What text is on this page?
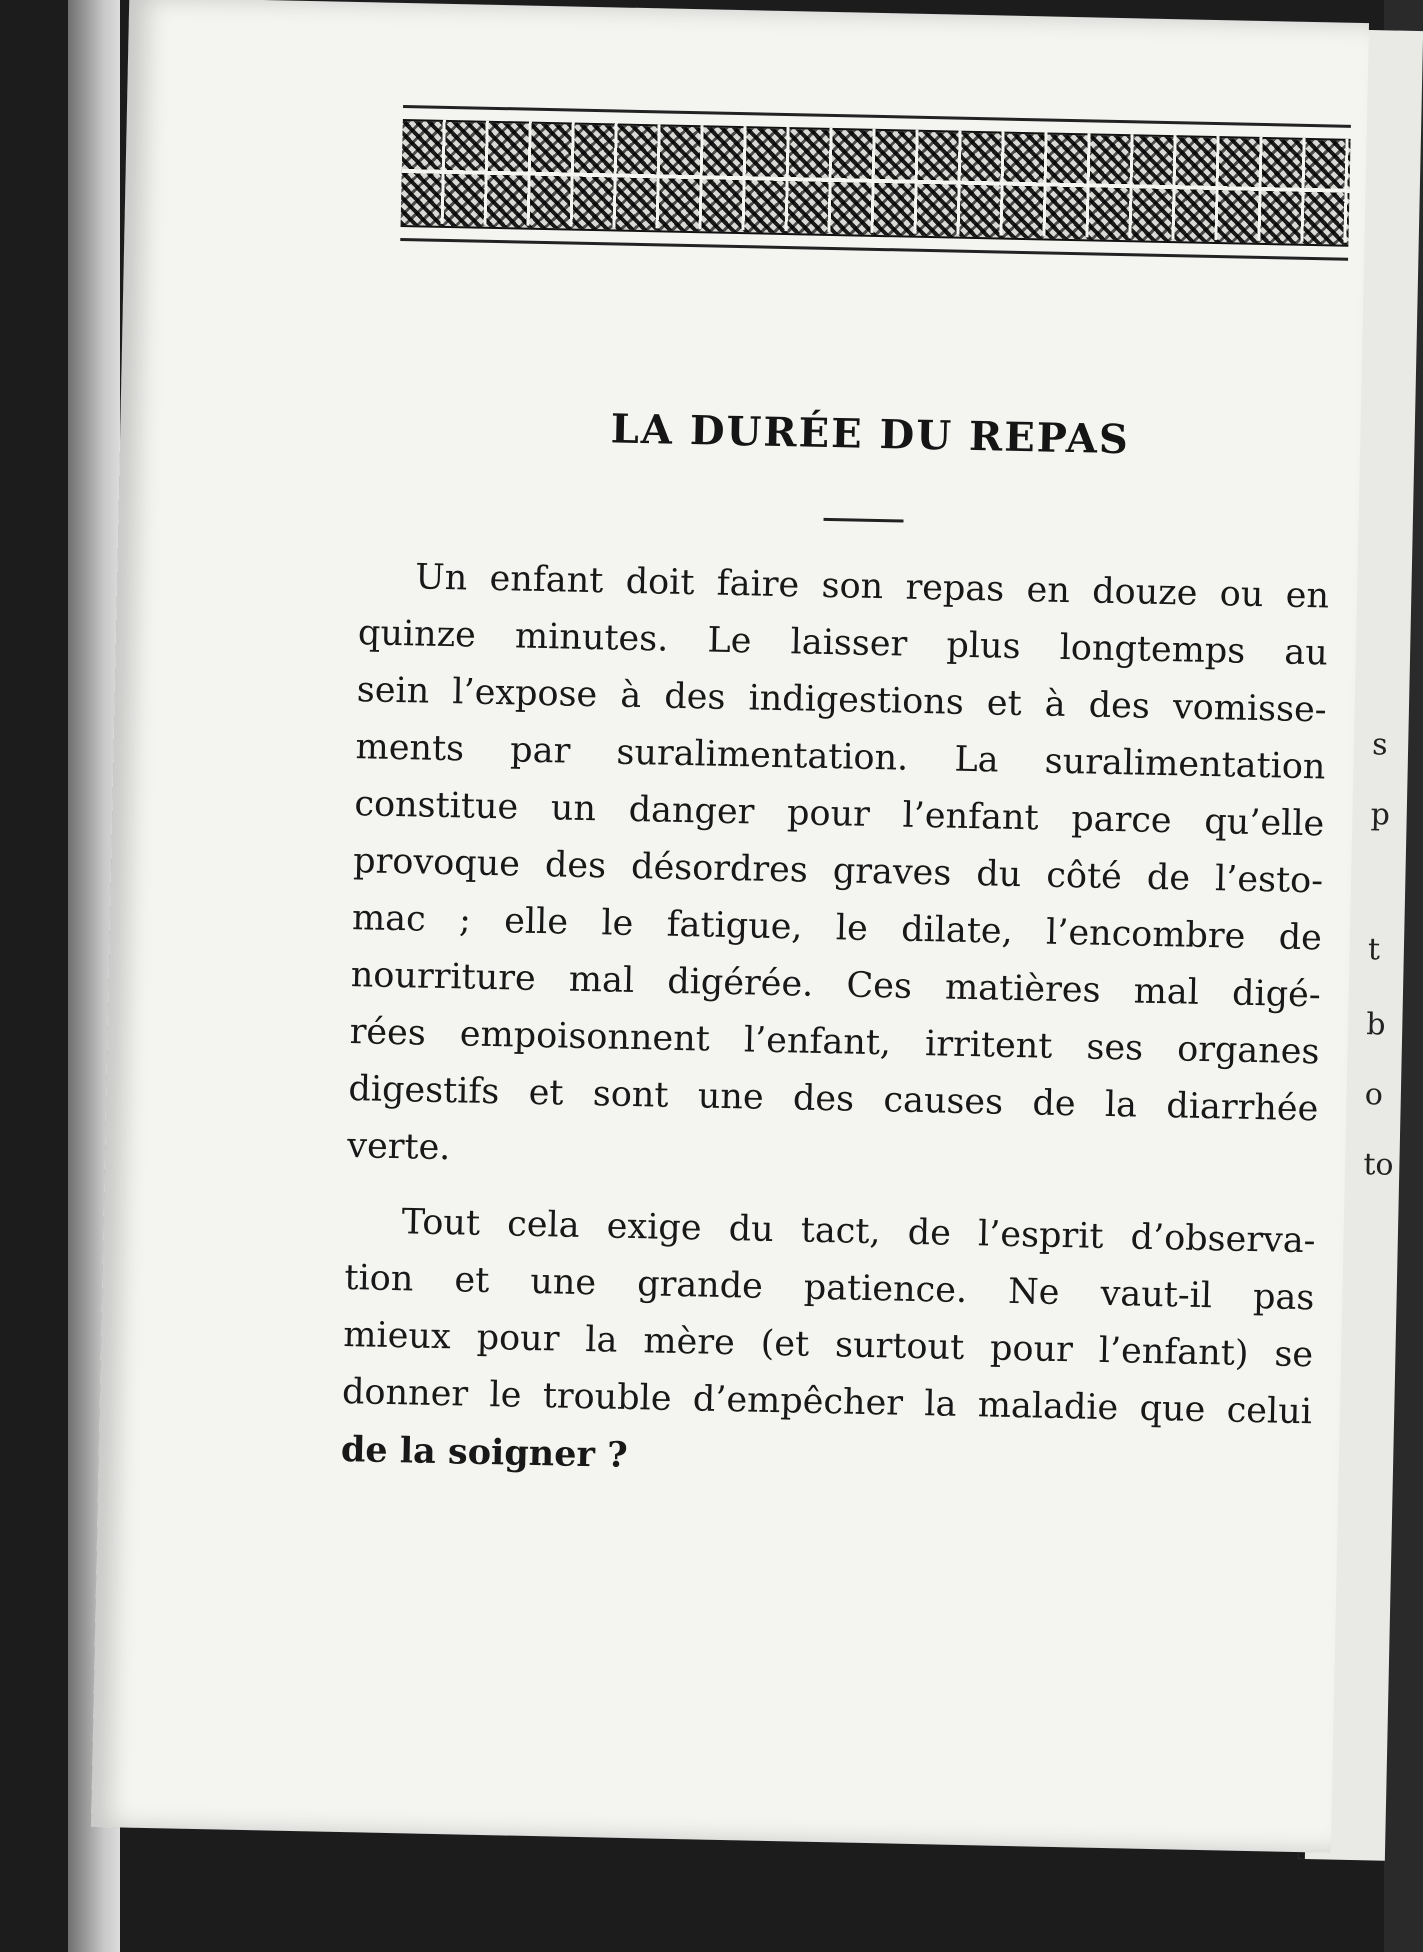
s
p
t
b
o
to
LA DURÉE DU REPAS

Un enfant doit faire son repas en douze ou en
quinze minutes. Le laisser plus longtemps au
sein l’expose à des indigestions et à des vomisse-
ments par suralimentation. La suralimentation
constitue un danger pour l’enfant parce qu’elle
provoque des désordres graves du côté de l’esto-
mac ; elle le fatigue, le dilate, l’encombre de
nourriture mal digérée. Ces matières mal digé-
rées empoisonnent l’enfant, irritent ses organes
digestifs et sont une des causes de la diarrhée
verte.

Tout cela exige du tact, de l’esprit d’observa-
tion et une grande patience. Ne vaut-il pas
mieux pour la mère (et surtout pour l’enfant) se
donner le trouble d’empêcher la maladie que celui
de la soigner ?
